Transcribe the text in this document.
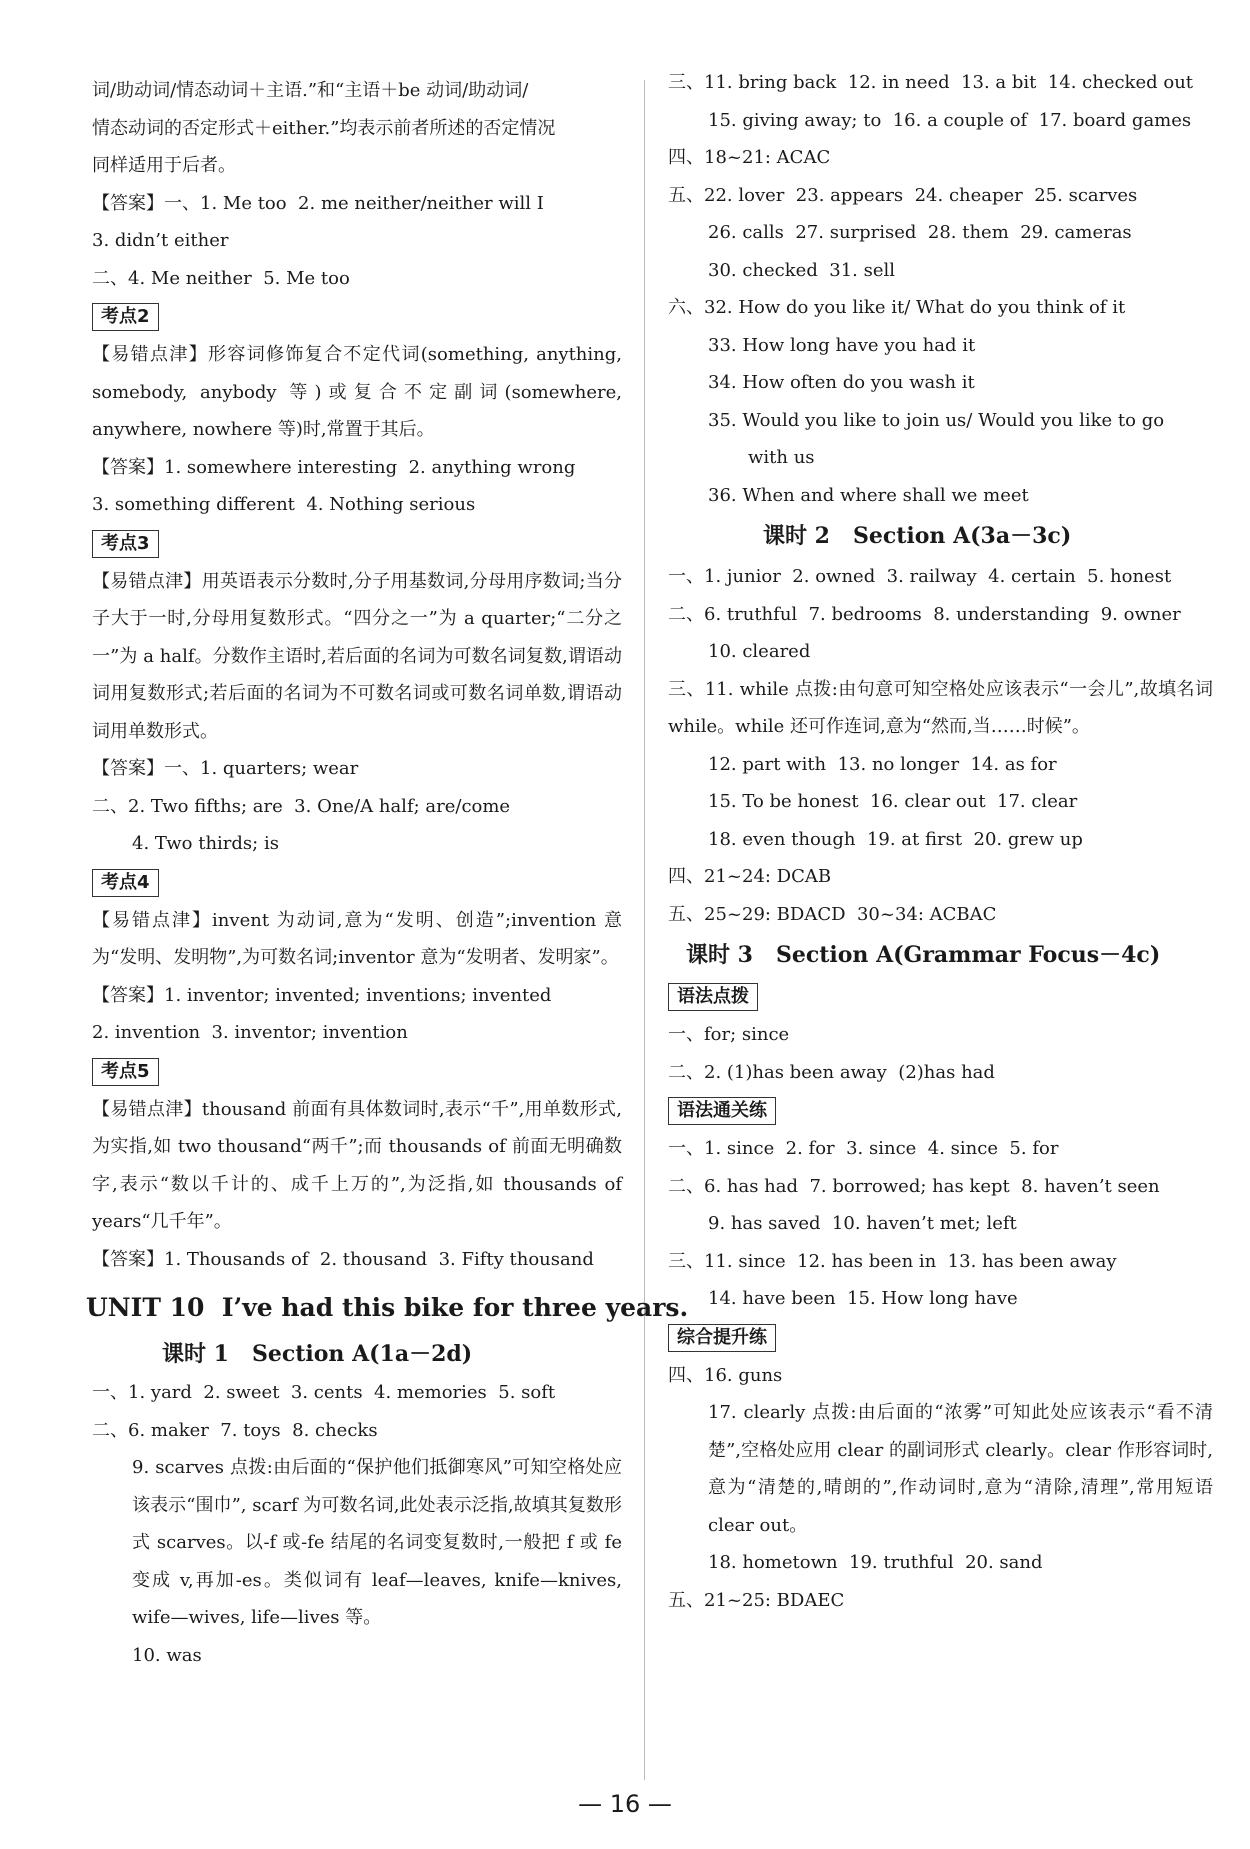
词/助动词/情态动词＋主语.”和“主语＋be 动词/助动词/
情态动词的否定形式＋either.”均表示前者所述的否定情况
同样适用于后者。
【答案】一、1. Me too  2. me neither/neither will I
3. didn’t either
二、4. Me neither  5. Me too
考点2
【易错点津】形容词修饰复合不定代词(something, anything, somebody, anybody 等)或复合不定副词(somewhere, anywhere, nowhere 等)时,常置于其后。
【答案】1. somewhere interesting  2. anything wrong
3. something different  4. Nothing serious
考点3
【易错点津】用英语表示分数时,分子用基数词,分母用序数词;当分子大于一时,分母用复数形式。“四分之一”为 a quarter;“二分之一”为 a half。分数作主语时,若后面的名词为可数名词复数,谓语动词用复数形式;若后面的名词为不可数名词或可数名词单数,谓语动词用单数形式。
【答案】一、1. quarters; wear
二、2. Two fifths; are  3. One/A half; are/come
4. Two thirds; is
考点4
【易错点津】invent 为动词,意为“发明、创造”;invention 意为“发明、发明物”,为可数名词;inventor 意为“发明者、发明家”。
【答案】1. inventor; invented; inventions; invented
2. invention  3. inventor; invention
考点5
【易错点津】thousand 前面有具体数词时,表示“千”,用单数形式,为实指,如 two thousand“两千”;而 thousands of 前面无明确数字,表示“数以千计的、成千上万的”,为泛指,如 thousands of years“几千年”。
【答案】1. Thousands of  2. thousand  3. Fifty thousand
UNIT 10  I’ve had this bike for three years.
课时 1   Section A(1a－2d)
一、1. yard  2. sweet  3. cents  4. memories  5. soft
二、6. maker  7. toys  8. checks
9. scarves 点拨:由后面的“保护他们抵御寒风”可知空格处应该表示“围巾”, scarf 为可数名词,此处表示泛指,故填其复数形式 scarves。以-f 或-fe 结尾的名词变复数时,一般把 f 或 fe 变成 v,再加-es。类似词有 leaf—leaves, knife—knives, wife—wives, life—lives 等。
10. was
三、11. bring back  12. in need  13. a bit  14. checked out
15. giving away; to  16. a couple of  17. board games
四、18~21: ACAC
五、22. lover  23. appears  24. cheaper  25. scarves
26. calls  27. surprised  28. them  29. cameras
30. checked  31. sell
六、32. How do you like it/ What do you think of it
33. How long have you had it
34. How often do you wash it
35. Would you like to join us/ Would you like to go
with us
36. When and where shall we meet
课时 2   Section A(3a－3c)
一、1. junior  2. owned  3. railway  4. certain  5. honest
二、6. truthful  7. bedrooms  8. understanding  9. owner
10. cleared
三、11. while 点拨:由句意可知空格处应该表示“一会儿”,故填名词 while。while 还可作连词,意为“然而,当……时候”。
12. part with  13. no longer  14. as for
15. To be honest  16. clear out  17. clear
18. even though  19. at first  20. grew up
四、21~24: DCAB
五、25~29: BDACD  30~34: ACBAC
课时 3   Section A(Grammar Focus－4c)
语法点拨
一、for; since
二、2. (1)has been away  (2)has had
语法通关练
一、1. since  2. for  3. since  4. since  5. for
二、6. has had  7. borrowed; has kept  8. haven’t seen
9. has saved  10. haven’t met; left
三、11. since  12. has been in  13. has been away
14. have been  15. How long have
综合提升练
四、16. guns
17. clearly 点拨:由后面的“浓雾”可知此处应该表示“看不清楚”,空格处应用 clear 的副词形式 clearly。clear 作形容词时,意为“清楚的,晴朗的”,作动词时,意为“清除,清理”,常用短语 clear out。
18. hometown  19. truthful  20. sand
五、21~25: BDAEC
— 16 —
